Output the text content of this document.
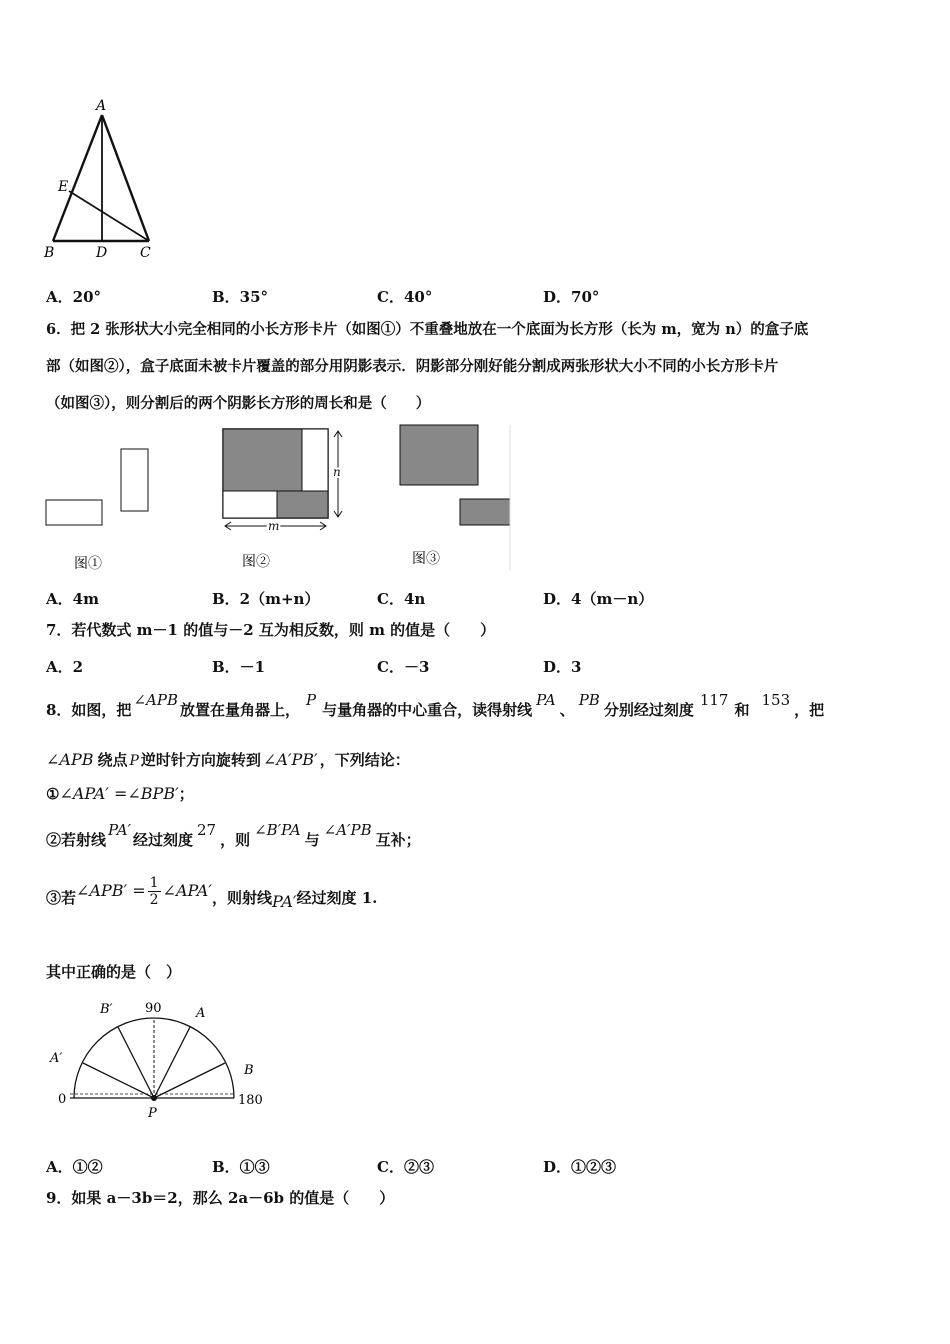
A
E
B	D C
A．20°	B．35°	C．40°	D．70°
6．把 2 张形状大小完全相同的小长方形卡片（如图①）不重叠地放在一个底面为长方形（长为 m，宽为 n）的盒子底
部（如图②），盒子底面未被卡片覆盖的部分用阴影表示．阴影部分刚好能分割成两张形状大小不同的小长方形卡片
（如图③），则分割后的两个阴影长方形的周长和是（　　）
图①
n
m
图②	图③
A．4m	B．2（m+n）	C．4n	D．4（m－n）
7．若代数式 m－1 的值与－2 互为相反数，则 m 的值是（　　）
A．2	B．－1	C．－3	D．3
8．如图，把∠APB放置在量角器上，P与量角器的中心重合，读得射线PA、PB分别经过刻度117和153，把
∠APB 绕点 P 逆时针方向旋转到 ∠A′PB′ ，下列结论：
①∠APA′ =∠BPB′；
②若射线PA′经过刻度27，则∠B′PA与∠A′PB互补；
③若∠APB′ = $\frac{1}{2}$ ∠APA′，则射线PA′经过刻度 1.
其中正确的是（　）
B′ 90	A
A′
B
0
P
180
A．①②	B．①③	C．②③	D．①②③
9．如果 a－3b＝2，那么 2a－6b 的值是（　　）
